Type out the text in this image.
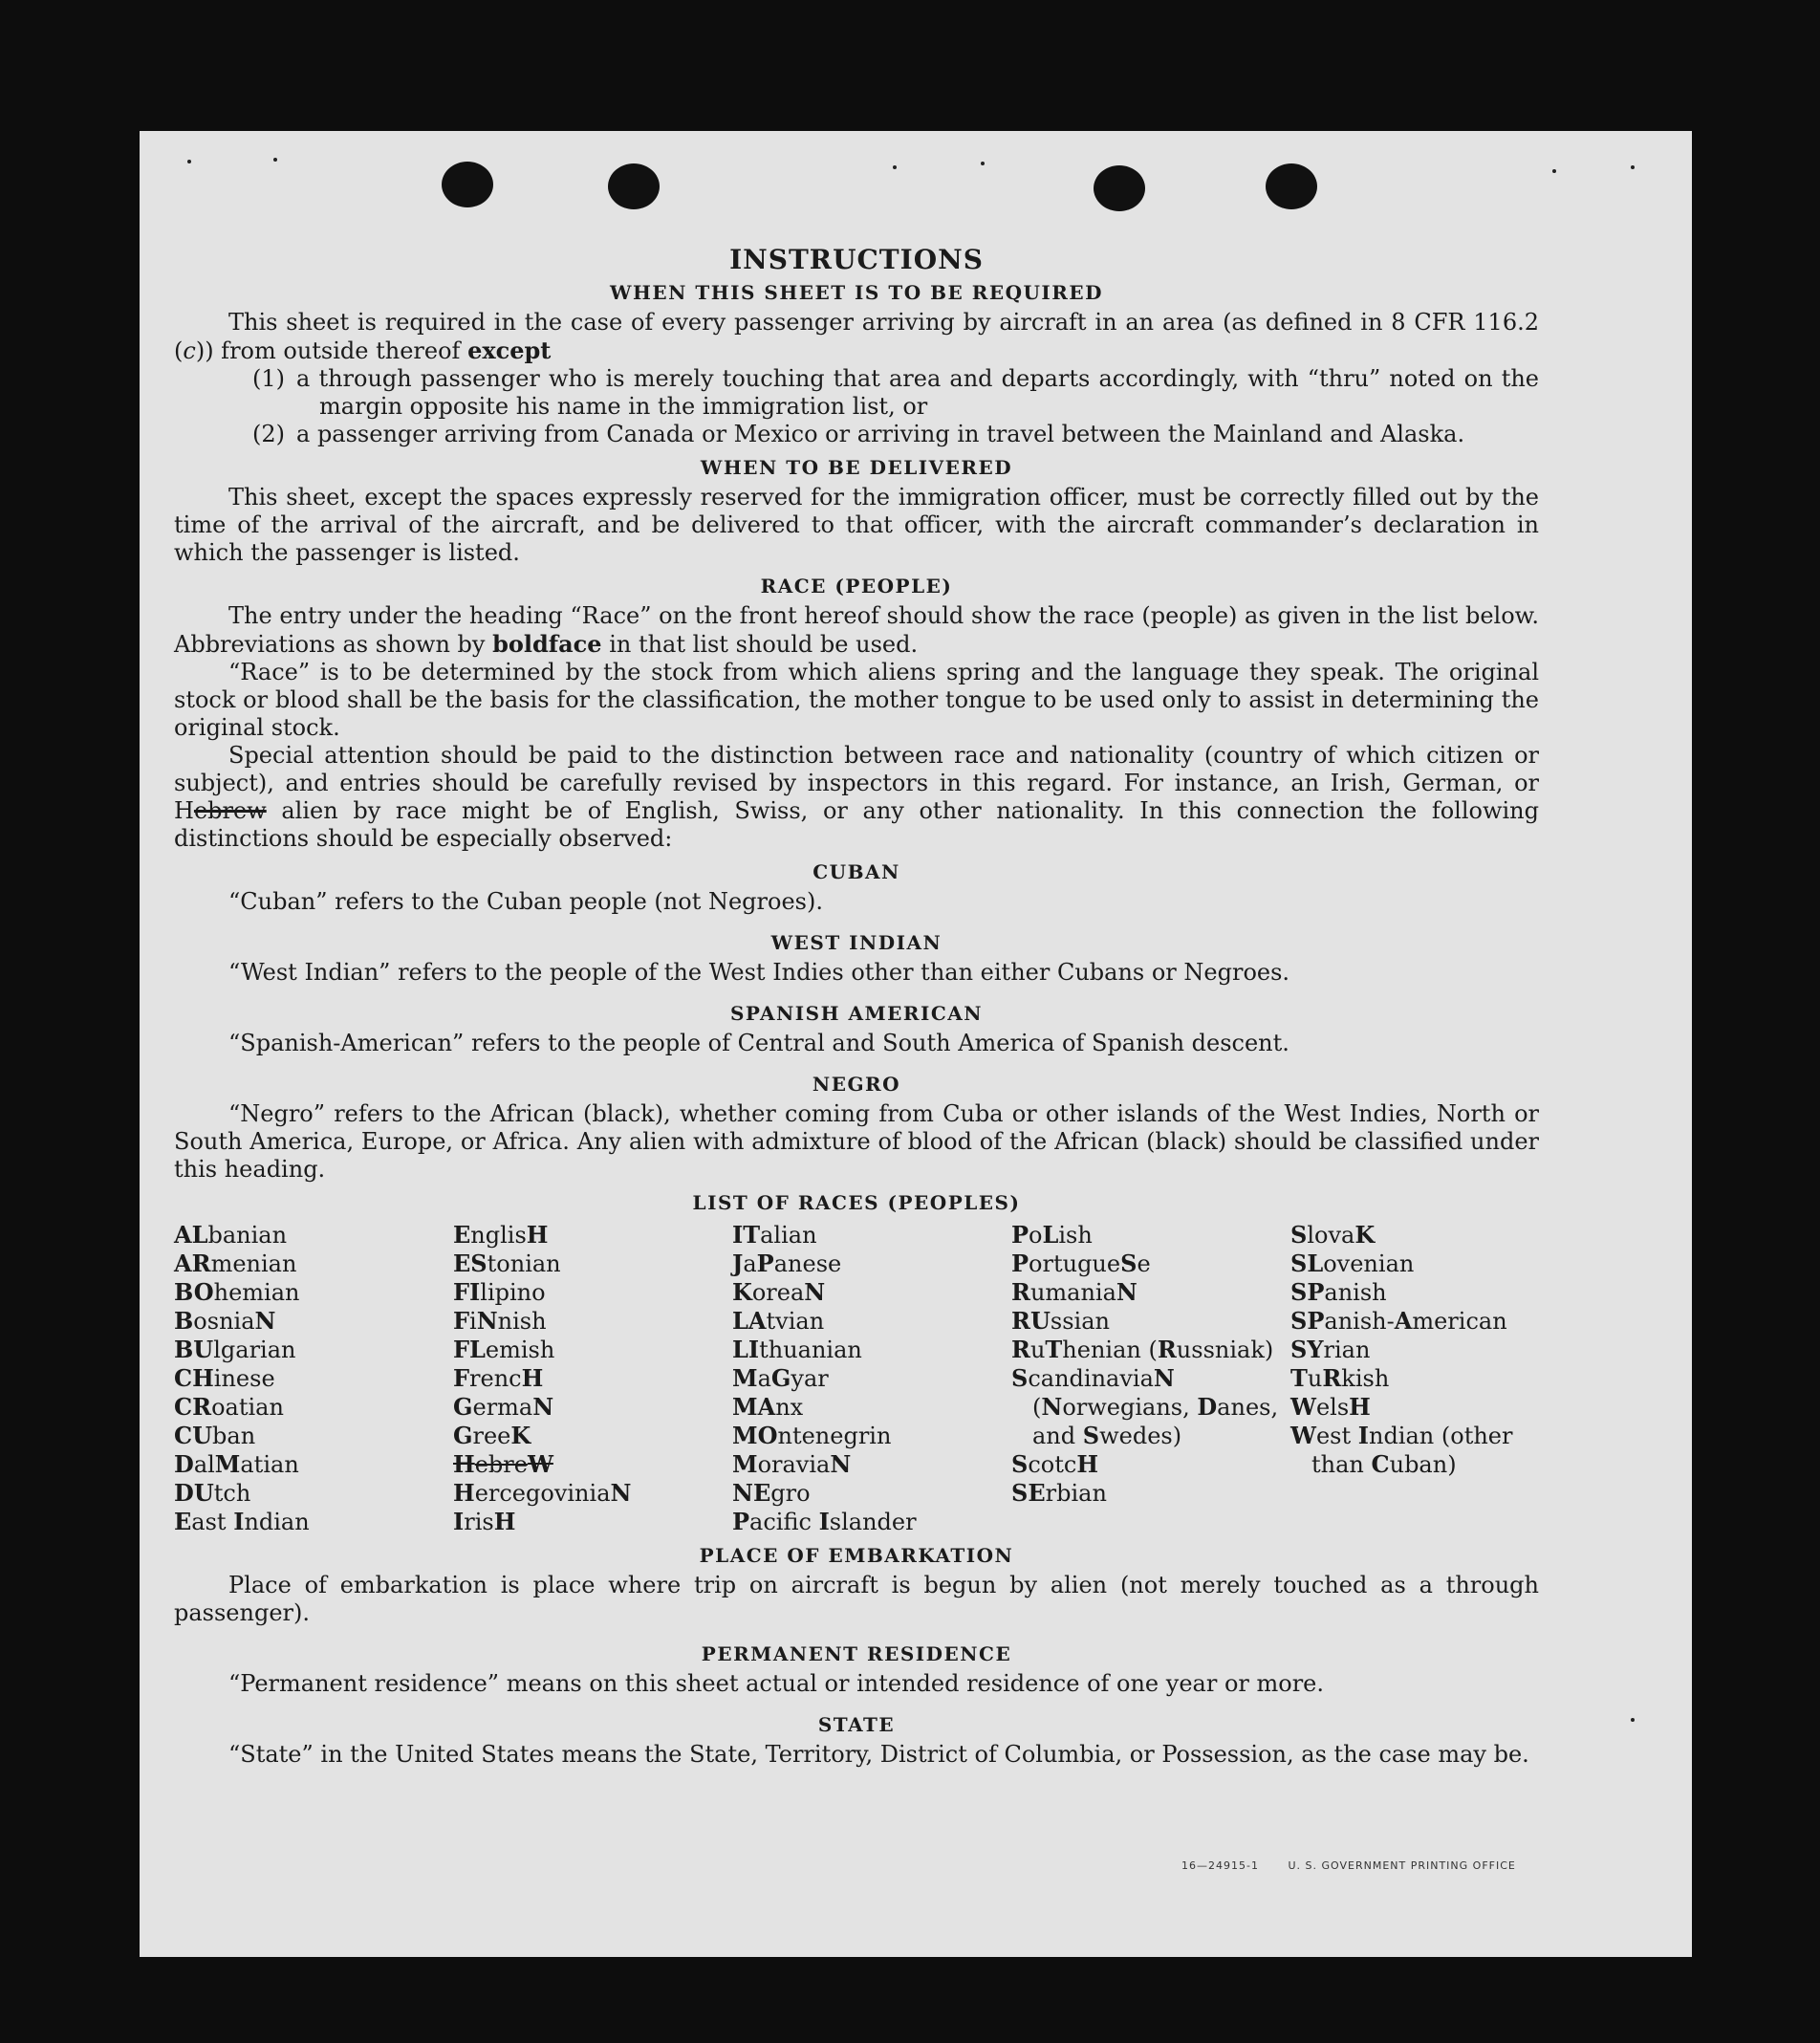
INSTRUCTIONS
WHEN THIS SHEET IS TO BE REQUIRED

This sheet is required in the case of every passenger arriving by aircraft in an area (as defined in 8 CFR 116.2 (c)) from outside thereof except

(1) a through passenger who is merely touching that area and departs accordingly, with “thru” noted on the margin opposite his name in the immigration list, or
(2) a passenger arriving from Canada or Mexico or arriving in travel between the Mainland and Alaska.
WHEN TO BE DELIVERED

This sheet, except the spaces expressly reserved for the immigration officer, must be correctly filled out by the time of the arrival of the aircraft, and be delivered to that officer, with the aircraft commander’s declaration in which the passenger is listed.

RACE (PEOPLE)

The entry under the heading “Race” on the front hereof should show the race (people) as given in the list below. Abbreviations as shown by boldface in that list should be used.

“Race” is to be determined by the stock from which aliens spring and the language they speak. The original stock or blood shall be the basis for the classification, the mother tongue to be used only to assist in determining the original stock.

Special attention should be paid to the distinction between race and nationality (country of which citizen or subject), and entries should be carefully revised by inspectors in this regard. For instance, an Irish, German, or Hebrew alien by race might be of English, Swiss, or any other nationality. In this connection the following distinctions should be especially observed:

CUBAN

“Cuban” refers to the Cuban people (not Negroes).

WEST INDIAN

“West Indian” refers to the people of the West Indies other than either Cubans or Negroes.

SPANISH AMERICAN

“Spanish-American” refers to the people of Central and South America of Spanish descent.

NEGRO

“Negro” refers to the African (black), whether coming from Cuba or other islands of the West Indies, North or South America, Europe, or Africa. Any alien with admixture of blood of the African (black) should be classified under this heading.

LIST OF RACES (PEOPLES)
ALbanian
ARmenian
BOhemian
BosniaN
BUlgarian
CHinese
CRoatian
CUban
DalMatian
DUtch
East Indian
EnglisH
EStonian
FIlipino
FiNnish
FLemish
FrencH
GermaN
GreeK
HebreW
HercegoviniaN
IrisH
ITalian
JaPanese
KoreaN
LAtvian
LIthuanian
MaGyar
MAnx
MOntenegrin
MoraviaN
NEgro
Pacific Islander
PoLish
PortugueSe
RumaniaN
RUssian
RuThenian (Russniak)
ScandinaviaN (Norwegians, Danes, and Swedes)
ScotcH
SErbian
SlovaK
SLovenian
SPanish
SPanish-American
SYrian
TuRkish
WelsH
West Indian (other than Cuban)
PLACE OF EMBARKATION

Place of embarkation is place where trip on aircraft is begun by alien (not merely touched as a through passenger).

PERMANENT RESIDENCE

“Permanent residence” means on this sheet actual or intended residence of one year or more.

STATE

“State” in the United States means the State, Territory, District of Columbia, or Possession, as the case may be.

16—24915-1	U. S. GOVERNMENT PRINTING OFFICE
